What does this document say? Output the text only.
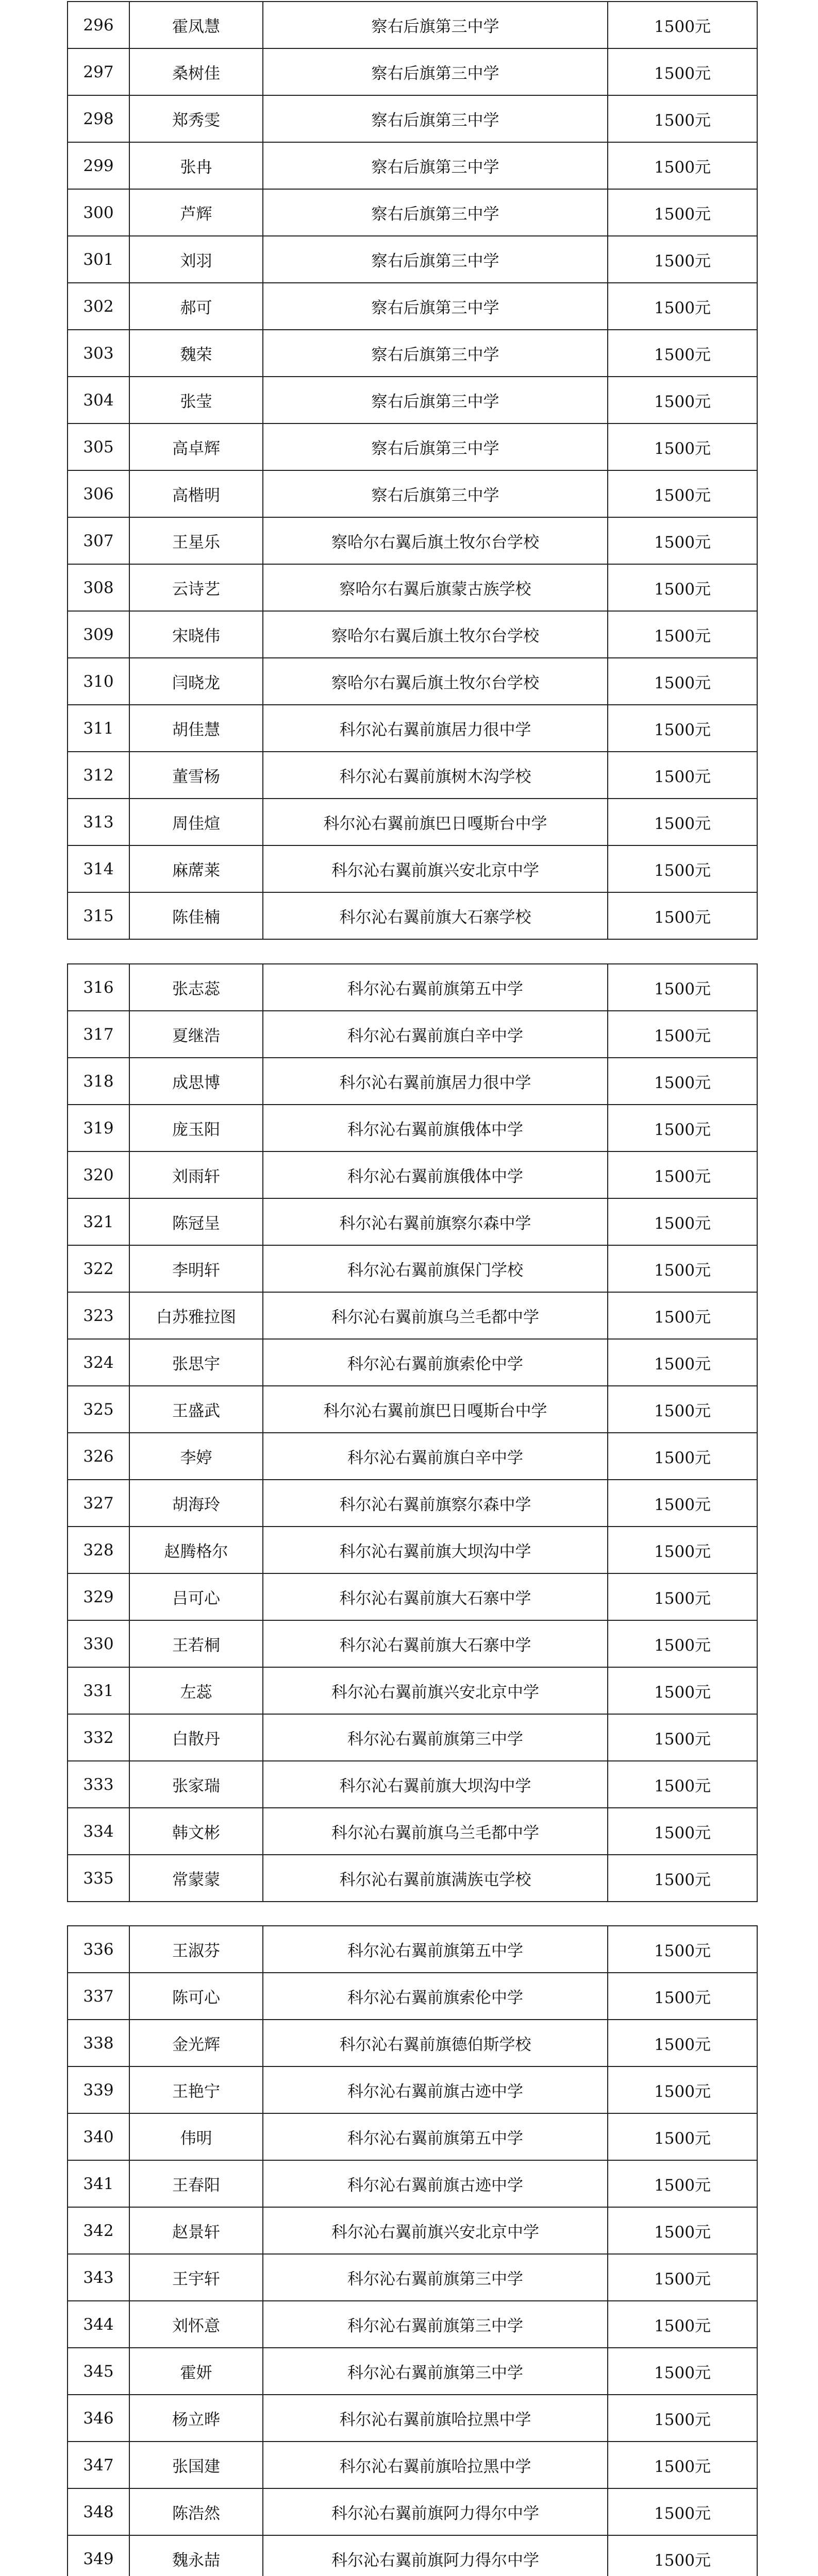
296	霍凤慧	察右后旗第三中学	1500元
297	桑树佳	察右后旗第三中学	1500元
298	郑秀雯	察右后旗第三中学	1500元
299	张冉	察右后旗第三中学	1500元
300	芦辉	察右后旗第三中学	1500元
301	刘羽	察右后旗第三中学	1500元
302	郝可	察右后旗第三中学	1500元
303	魏荣	察右后旗第三中学	1500元
304	张莹	察右后旗第三中学	1500元
305	高卓辉	察右后旗第三中学	1500元
306	高楷明	察右后旗第三中学	1500元
307	王星乐	察哈尔右翼后旗土牧尔台学校	1500元
308	云诗艺	察哈尔右翼后旗蒙古族学校	1500元
309	宋晓伟	察哈尔右翼后旗土牧尔台学校	1500元
310	闫晓龙	察哈尔右翼后旗土牧尔台学校	1500元
311	胡佳慧	科尔沁右翼前旗居力很中学	1500元
312	董雪杨	科尔沁右翼前旗树木沟学校	1500元
313	周佳煊	科尔沁右翼前旗巴日嘎斯台中学	1500元
314	麻蓆莱	科尔沁右翼前旗兴安北京中学	1500元
315	陈佳楠	科尔沁右翼前旗大石寨学校	1500元
316	张志蕊	科尔沁右翼前旗第五中学	1500元
317	夏继浩	科尔沁右翼前旗白辛中学	1500元
318	成思博	科尔沁右翼前旗居力很中学	1500元
319	庞玉阳	科尔沁右翼前旗俄体中学	1500元
320	刘雨轩	科尔沁右翼前旗俄体中学	1500元
321	陈冠呈	科尔沁右翼前旗察尔森中学	1500元
322	李明轩	科尔沁右翼前旗保门学校	1500元
323	白苏雅拉图	科尔沁右翼前旗乌兰毛都中学	1500元
324	张思宇	科尔沁右翼前旗索伦中学	1500元
325	王盛武	科尔沁右翼前旗巴日嘎斯台中学	1500元
326	李婷	科尔沁右翼前旗白辛中学	1500元
327	胡海玲	科尔沁右翼前旗察尔森中学	1500元
328	赵腾格尔	科尔沁右翼前旗大坝沟中学	1500元
329	吕可心	科尔沁右翼前旗大石寨中学	1500元
330	王若桐	科尔沁右翼前旗大石寨中学	1500元
331	左蕊	科尔沁右翼前旗兴安北京中学	1500元
332	白散丹	科尔沁右翼前旗第三中学	1500元
333	张家瑞	科尔沁右翼前旗大坝沟中学	1500元
334	韩文彬	科尔沁右翼前旗乌兰毛都中学	1500元
335	常蒙蒙	科尔沁右翼前旗满族屯学校	1500元
336	王淑芬	科尔沁右翼前旗第五中学	1500元
337	陈可心	科尔沁右翼前旗索伦中学	1500元
338	金光辉	科尔沁右翼前旗德伯斯学校	1500元
339	王艳宁	科尔沁右翼前旗古迹中学	1500元
340	伟明	科尔沁右翼前旗第五中学	1500元
341	王春阳	科尔沁右翼前旗古迹中学	1500元
342	赵景轩	科尔沁右翼前旗兴安北京中学	1500元
343	王宇轩	科尔沁右翼前旗第三中学	1500元
344	刘怀意	科尔沁右翼前旗第三中学	1500元
345	霍妍	科尔沁右翼前旗第三中学	1500元
346	杨立晔	科尔沁右翼前旗哈拉黑中学	1500元
347	张国建	科尔沁右翼前旗哈拉黑中学	1500元
348	陈浩然	科尔沁右翼前旗阿力得尔中学	1500元
349	魏永喆	科尔沁右翼前旗阿力得尔中学	1500元
